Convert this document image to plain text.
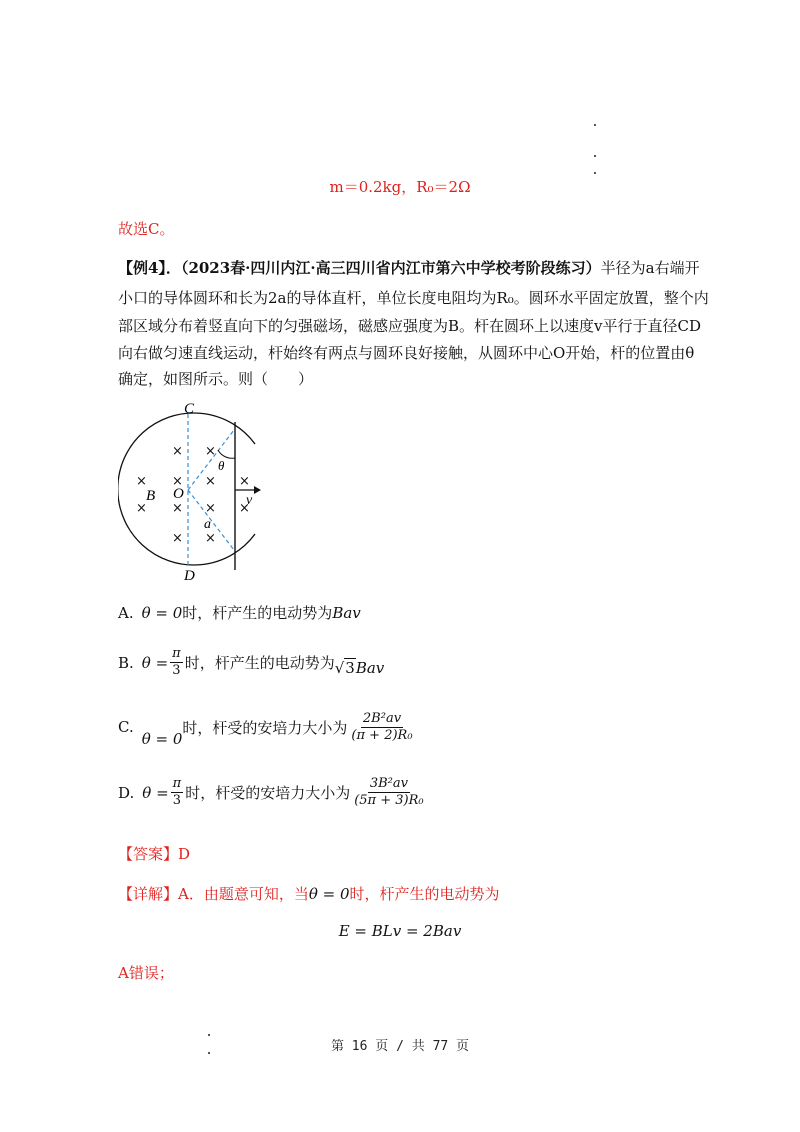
m＝0.2kg，R₀＝2Ω
故选C。
【例4】．（2023春·四川内江·高三四川省内江市第六中学校考阶段练习）半径为a右端开
小口的导体圆环和长为2a的导体直杆，单位长度电阻均为R₀。圆环水平固定放置，整个内
部区域分布着竖直向下的匀强磁场，磁感应强度为B。杆在圆环上以速度v平行于直径CD
向右做匀速直线运动，杆始终有两点与圆环良好接触，从圆环中心O开始，杆的位置由θ
确定，如图所示。则（　　）
C
D
O
B
θ
a
v
× ×
× × × ×
× × × ×
× ×
A. θ = 0 时，杆产生的电动势为 Bav
B. $\theta = \frac{\pi}{3}$ 时，杆产生的电动势为 √3Bav
C.
θ = 0
时，杆受的安培力大小为 $\frac{\text{2B²av}}{\text{(π + 2)R₀}}$
D. $\theta = \frac{\pi}{3}$ 时，杆受的安培力大小为 $\frac{\text{3B²av}}{\text{(5π + 3)R₀}}$
【答案】D
【详解】A．由题意可知，当θ = 0时，杆产生的电动势为
E = BLv = 2Bav
A错误；
第 16 页 / 共 77 页
